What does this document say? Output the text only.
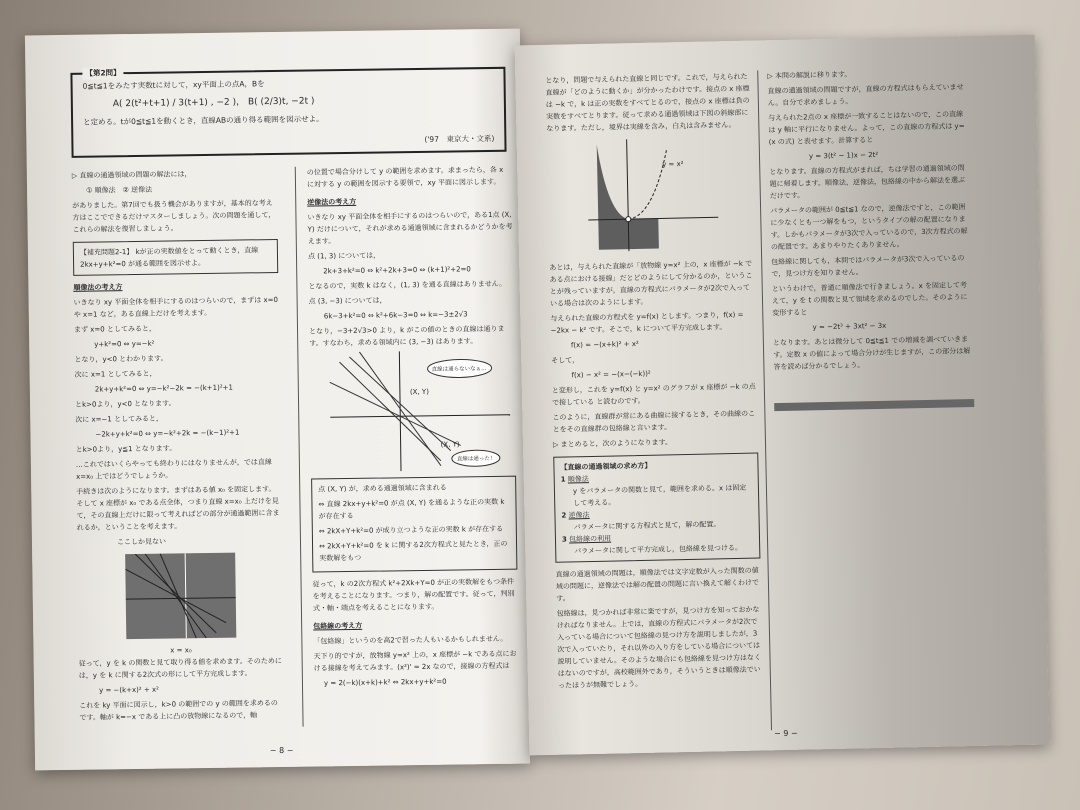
【第2問】
0≦t≦1をみたす実数tに対して，xy平面上の点A，Bを
A( 2(t²+t+1) / 3(t+1) , −2 )， B( (2/3)t, −2t )
と定める。tが0≦t≦1を動くとき，直線ABの通り得る範囲を図示せよ。
('97　東京大・文系)

▷ 直線の通過領域の問題の解法には，

① 順像法　② 逆像法

がありました。第7回でも扱う機会がありますが，基本的な考え方はここでできるだけマスターしましょう。次の問題を通して，これらの解法を復習しましょう。

【補充問題2-1】 kが正の実数値をとって動くとき，直線 2kx+y+k²=0 が通る範囲を図示せよ。
順像法の考え方

いきなり xy 平面全体を相手にするのはつらいので，まずは x=0 や x=1 など，ある直線上だけを考えます。

まず x=0 としてみると，

y+k²=0 ⇔ y=−k²

となり，y<0 とわかります。

次に x=1 としてみると，

2k+y+k²=0 ⇔ y=−k²−2k = −(k+1)²+1

とk>0より，y<0 となります。

次に x=−1 としてみると，

−2k+y+k²=0 ⇔ y=−k²+2k = −(k−1)²+1

とk>0より，y≦1 となります。

…これではいくらやっても終わりにはなりませんが，では直線 x=x₀ 上ではどうでしょうか。

手続きは次のようになります。まずはある値 x₀ を固定します。そして x 座標が x₀ である点全体，つまり直線 x=x₀ 上だけを見て，その直線上だけに限って考えればどの部分が通過範囲に含まれるか，ということを考えます。

ここしか見ない
x = x₀

従って，y を k の関数と見て取り得る値を求めます。そのためには，y を k に関する2次式の形にして平方完成します。

y = −(k+x)² + x²

これを ky 平面に図示し，k>0 の範囲での y の範囲を求めるのです。軸が k=−x である上に凸の放物線になるので，軸

の位置で場合分けして y の範囲を求めます。求まったら，各 x に対する y の範囲を図示する要領で，xy 平面に図示します。

逆像法の考え方

いきなり xy 平面全体を相手にするのはつらいので，ある1点 (X, Y) だけについて，それが求める通過領域に含まれるかどうかを考えます。

点 (1, 3) については，

2k+3+k²=0 ⇔ k²+2k+3=0 ⇔ (k+1)²+2=0

となるので，実数 k はなく，(1, 3) を通る直線はありません。

点 (3, −3) については，

6k−3+k²=0 ⇔ k²+6k−3=0 ⇔ k=−3±2√3

となり，−3+2√3>0 より，k がこの値のときの直線は通ります。すなわち，求める領域内に (3, −3) はあります。

直線は通らないなぁ…
直線は通った！
(X, Y)
(X, Y)

点 (X, Y) が，求める通過領域に含まれる

⇔ 直線 2kx+y+k²=0 が点 (X, Y) を通るような正の実数 k が存在する

⇔ 2kX+Y+k²=0 が成り立つような正の実数 k が存在する

⇔ 2kX+Y+k²=0 を k に関する2次方程式と見たとき，正の実数解をもつ

従って，k の2次方程式 k²+2Xk+Y=0 が正の実数解をもつ条件を考えることになります。つまり，解の配置です。従って，判別式・軸・端点を考えることになります。

包絡線の考え方

「包絡線」というのを高2で習った人もいるかもしれません。

天下り的ですが，放物線 y=x² 上の，x 座標が −k である点における接線を考えてみます。(x²)' = 2x なので，接線の方程式は

y = 2(−k)(x+k)+k² ⇔ 2kx+y+k²=0

− 8 −

となり，問題で与えられた直線と同じです。これで，与えられた直線が「どのように動くか」が分かったわけです。接点の x 座標は −k で，k は正の実数をすべてとるので，接点の x 座標は負の実数をすべてとります。従って求める通過領域は下図の斜線部になります。ただし，境界は実線を含み，白丸は含みません。

y = x²

あとは，与えられた直線が「放物線 y=x² 上の，x 座標が −k である点における接線」だとどのようにして分かるのか，ということが残っていますが，直線の方程式にパラメータが2次で入っている場合は次のようにします。

与えられた直線の方程式を y=f(x) とします。つまり，f(x) = −2kx − k² です。そこで，k について平方完成します。

f(x) = −(x+k)² + x²

そして，

f(x) − x² = −(x−(−k))²

と変形し，これを y=f(x) と y=x² のグラフが x 座標が −k の点で接している と読むのです。

このように，直線群が常にある曲線に接するとき，その曲線のことをその直線群の包絡線と言います。

▷ まとめると，次のようになります。

【直線の通過領域の求め方】
1 順像法
y をパラメータの関数と見て，範囲を求める。x は固定して考える。
2 逆像法
パラメータに関する方程式と見て，解の配置。
3 包絡線の利用
パラメータに関して平方完成し，包絡線を見つける。

直線の通過領域の問題は，順像法では文字定数が入った関数の値域の問題に，逆像法では解の配置の問題に言い換えて解くわけです。

包絡線は，見つかれば非常に楽ですが，見つけ方を知っておかなければなりません。上では，直線の方程式にパラメータが2次で入っている場合について包絡線の見つけ方を説明しましたが，3次で入っていたり，それ以外の入り方をしている場合については説明していません。そのような場合にも包絡線を見つけ方はなくはないのですが，高校範囲外であり，そういうときは順像法でいったほうが無難でしょう。

▷ 本問の解説に移ります。

直線の通過領域の問題ですが，直線の方程式はもらえていません。自分で求めましょう。

与えられた2点の x 座標が一致することはないので，この直線は y 軸に平行になりません。よって，この直線の方程式は y=(x の式) と表せます。計算すると

y = 3(t² − 1)x − 2t²

となります。直線の方程式がまれば，ちは学習の通過領域の問題に帰着します。順像法，逆像法，包絡線の中から解法を選ぶだけです。

パラメータの範囲が 0≦t≦1 なので，逆像法ですと，この範囲に少なくとも一つ解をもつ，というタイプの解の配置になります。しかもパラメータが3次で入っているので，3次方程式の解の配置です。あまりやりたくありません。

包絡線に関しても，本問ではパラメータが3次で入っているので，見つけ方を知りません。

というわけで，普通に順像法で行きましょう。x を固定して考えて，y を t の関数と見て領域を求めるのでした。そのように変形すると

y = −2t³ + 3xt² − 3x

となります。あとは微分して 0≦t≦1 での増減を調べていきます。定数 x の値によって場合分けが生じますが，この部分は解答を読めば分かるでしょう。

− 9 −
